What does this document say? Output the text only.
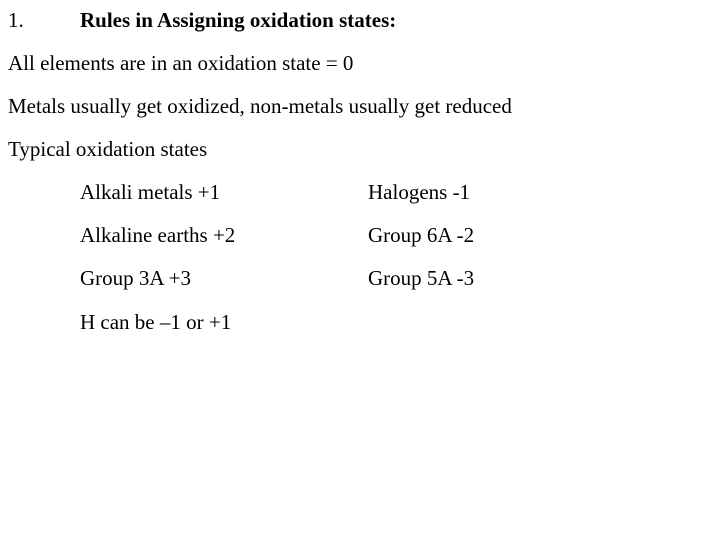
1.	Rules in Assigning oxidation states:
All elements are in an oxidation state = 0
Metals usually get oxidized, non-metals usually get reduced
Typical oxidation states
Alkali metals +1
Alkaline earths +2
Group 3A +3
H can be –1 or +1
Halogens -1
Group 6A -2
Group 5A -3
